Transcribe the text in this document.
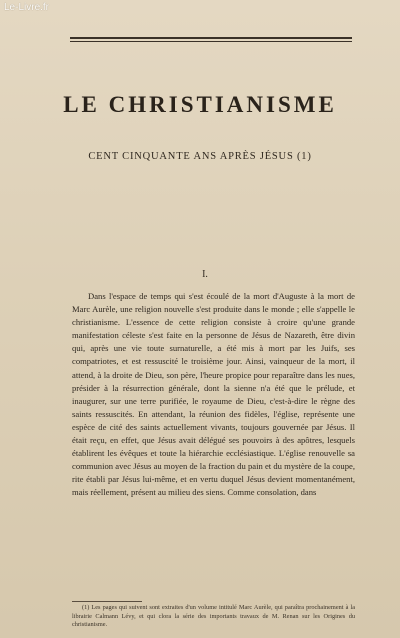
Le-Livre.fr
LE CHRISTIANISME
CENT CINQUANTE ANS APRÈS JÉSUS (1)
I.
Dans l'espace de temps qui s'est écoulé de la mort d'Auguste à la mort de Marc Aurèle, une religion nouvelle s'est produite dans le monde ; elle s'appelle le christianisme. L'essence de cette religion consiste à croire qu'une grande manifestation céleste s'est faite en la personne de Jésus de Nazareth, être divin qui, après une vie toute surnaturelle, a été mis à mort par les Juifs, ses compatriotes, et est ressuscité le troisième jour. Ainsi, vainqueur de la mort, il attend, à la droite de Dieu, son père, l'heure propice pour reparaître dans les nues, présider à la résurrection générale, dont la sienne n'a été que le prélude, et inaugurer, sur une terre purifiée, le royaume de Dieu, c'est-à-dire le règne des saints ressuscités. En attendant, la réunion des fidèles, l'église, représente une espèce de cité des saints actuellement vivants, toujours gouvernée par Jésus. Il était reçu, en effet, que Jésus avait délégué ses pouvoirs à des apôtres, lesquels établirent les évêques et toute la hiérarchie ecclésiastique. L'église renouvelle sa communion avec Jésus au moyen de la fraction du pain et du mystère de la coupe, rite établi par Jésus lui-même, et en vertu duquel Jésus devient momentanément, mais réellement, présent au milieu des siens. Comme consolation, dans
(1) Les pages qui suivent sont extraites d'un volume intitulé Marc Aurèle, qui paraîtra prochainement à la librairie Calmann Lévy, et qui clora la série des importants travaux de M. Renan sur les Origines du christianisme.
